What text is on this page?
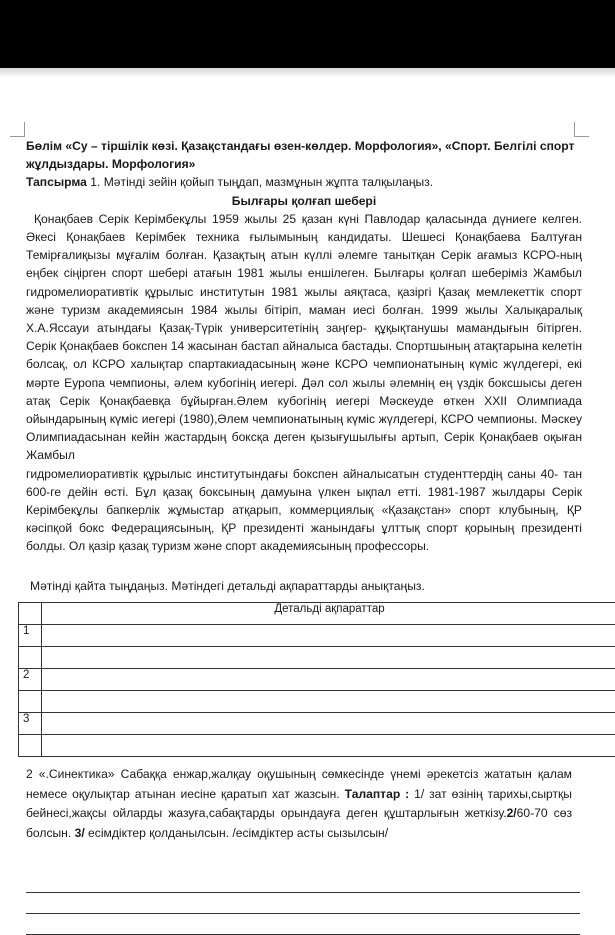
Бөлім «Су – тіршілік көзі. Қазақстандағы өзен-көлдер. Морфология», «Спорт. Белгілі спорт жұлдыздары. Морфология»
Тапсырма 1. Мәтінді зейін қойып тыңдап, мазмұнын жұпта талқылаңыз.
Былғары қолғап шебері
Қонақбаев Серік Керімбекұлы 1959 жылы 25 қазан күні Павлодар қаласында дүниеге келген. Әкесі Қонақбаев Керімбек техника ғылымының кандидаты. Шешесі Қонақбаева Балтуған Темірғалиқызы мұғалім болған. Қазақтың атын күллі әлемге танытқан Серік ағамыз КСРО-ның еңбек сіңірген спорт шебері атағын 1981 жылы еншілеген. Былғары қолғап шеберіміз Жамбыл гидромелиоративтік құрылыс институтын 1981 жылы аяқтаса, қазіргі Қазақ мемлекеттік спорт және туризм академиясын 1984 жылы бітіріп, маман иесі болған. 1999 жылы Халықаралық Х.А.Яссауи атындағы Қазақ-Түрік университетінің заңгер- құқықтанушы мамандығын бітірген. Серік Қонақбаев бокспен 14 жасынан бастап айналыса бастады. Спортшының атақтарына келетін болсақ, ол КСРО халықтар спартакиадасының және КСРО чемпионатының күміс жүлдегері, екі мәрте Еуропа чемпионы, әлем кубогінің иегері. Дәл сол жылы әлемнің ең үздік боксшысы деген атақ Серік Қонақбаевқа бұйырған.Әлем кубогінің иегері Мәскеуде өткен XXII Олимпиада ойындарының күміс иегері (1980),Әлем чемпионатының күміс жүлдегері, КСРО чемпионы. Мәскеу Олимпиадасынан кейін жастардың боксқа деген қызығушылығы артып, Серік Қонақбаев оқыған Жамбыл
гидромелиоративтік құрылыс институтындағы бокспен айналысатын студенттердің саны 40- тан 600-ге дейін өсті. Бұл қазақ боксының дамуына үлкен ықпал етті. 1981-1987 жылдары Серік Керімбекұлы бапкерлік жұмыстар атқарып, коммерциялық «Қазақстан» спорт клубының, ҚР кәсіпқой бокс Федерациясының, ҚР президенті жанындағы ұлттық спорт қорының президенті болды. Ол қазір қазақ туризм және спорт академиясының профессоры.
Мәтінді қайта тыңдаңыз. Мәтіндегі детальді ақпараттарды анықтаңыз.
	Детальді ақпараттар
1	

2	

3	

2 «.Синектика» Сабаққа енжар,жалқау оқушының сөмкесінде үнемі әрекетсіз жататын қалам немесе оқулықтар атынан иесіне қаратып хат жазсын. Талаптар : 1/ зат өзінің тарихы,сыртқы бейнесі,жақсы ойларды жазуға,сабақтарды орындауға деген құштарлығын жеткізу.2/60-70 сөз болсын. 3/ есімдіктер қолданылсын. /есімдіктер асты сызылсын/
